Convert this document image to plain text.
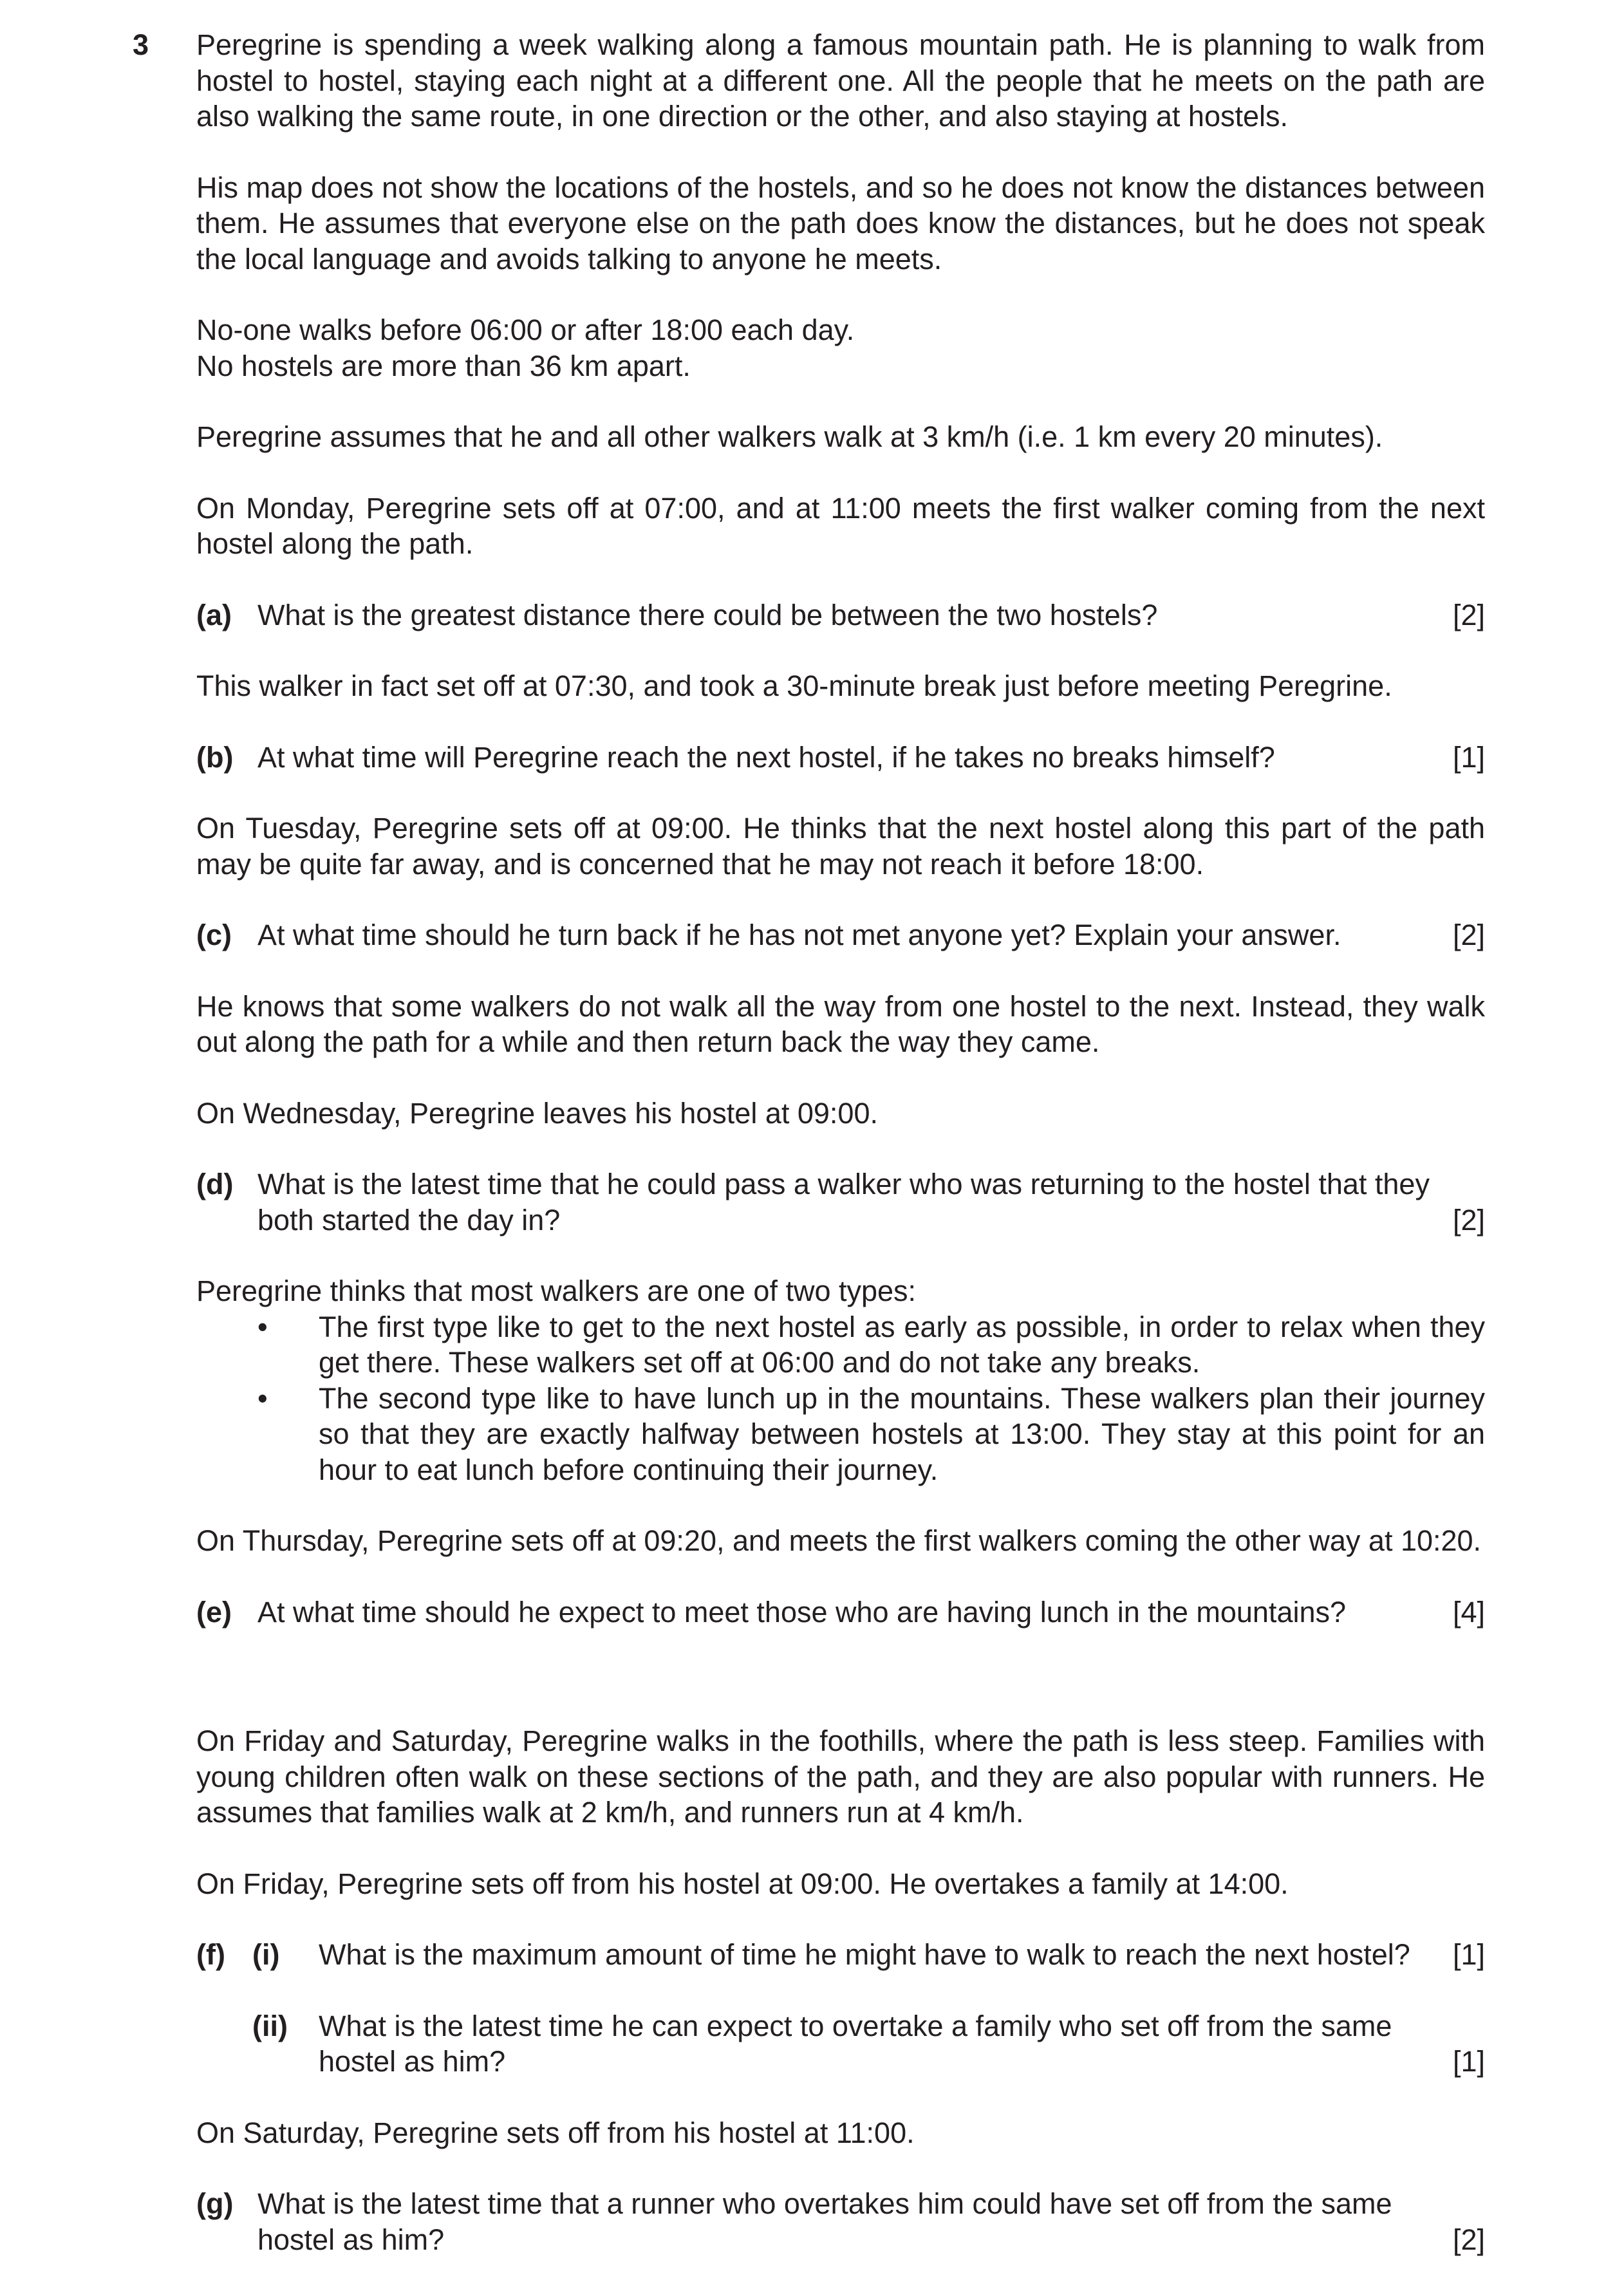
3 Peregrine is spending a week walking along a famous mountain path. He is planning to walk from hostel to hostel, staying each night at a different one. All the people that he meets on the path are also walking the same route, in one direction or the other, and also staying at hostels.

His map does not show the locations of the hostels, and so he does not know the distances between them. He assumes that everyone else on the path does know the distances, but he does not speak the local language and avoids talking to anyone he meets.

No-one walks before 06:00 or after 18:00 each day.

No hostels are more than 36 km apart.

Peregrine assumes that he and all other walkers walk at 3 km/h (i.e. 1 km every 20 minutes).

On Monday, Peregrine sets off at 07:00, and at 11:00 meets the first walker coming from the next hostel along the path.

(a) What is the greatest distance there could be between the two hostels?	[2]

This walker in fact set off at 07:30, and took a 30-minute break just before meeting Peregrine.

(b) At what time will Peregrine reach the next hostel, if he takes no breaks himself?	[1]

On Tuesday, Peregrine sets off at 09:00. He thinks that the next hostel along this part of the path may be quite far away, and is concerned that he may not reach it before 18:00.

(c) At what time should he turn back if he has not met anyone yet? Explain your answer.	[2]

He knows that some walkers do not walk all the way from one hostel to the next. Instead, they walk out along the path for a while and then return back the way they came.

On Wednesday, Peregrine leaves his hostel at 09:00.

(d) What is the latest time that he could pass a walker who was returning to the hostel that they
both started the day in?	[2]

Peregrine thinks that most walkers are one of two types:

• The first type like to get to the next hostel as early as possible, in order to relax when they get there. These walkers set off at 06:00 and do not take any breaks.
• The second type like to have lunch up in the mountains. These walkers plan their journey so that they are exactly halfway between hostels at 13:00. They stay at this point for an hour to eat lunch before continuing their journey.

On Thursday, Peregrine sets off at 09:20, and meets the first walkers coming the other way at 10:20.

(e) At what time should he expect to meet those who are having lunch in the mountains?	[4]

On Friday and Saturday, Peregrine walks in the foothills, where the path is less steep. Families with young children often walk on these sections of the path, and they are also popular with runners. He assumes that families walk at 2 km/h, and runners run at 4 km/h.

On Friday, Peregrine sets off from his hostel at 09:00. He overtakes a family at 14:00.

(f) (i) What is the maximum amount of time he might have to walk to reach the next hostel? [1]
(ii) What is the latest time he can expect to overtake a family who set off from the same
hostel as him?	[1]

On Saturday, Peregrine sets off from his hostel at 11:00.

(g) What is the latest time that a runner who overtakes him could have set off from the same
hostel as him?	[2]
